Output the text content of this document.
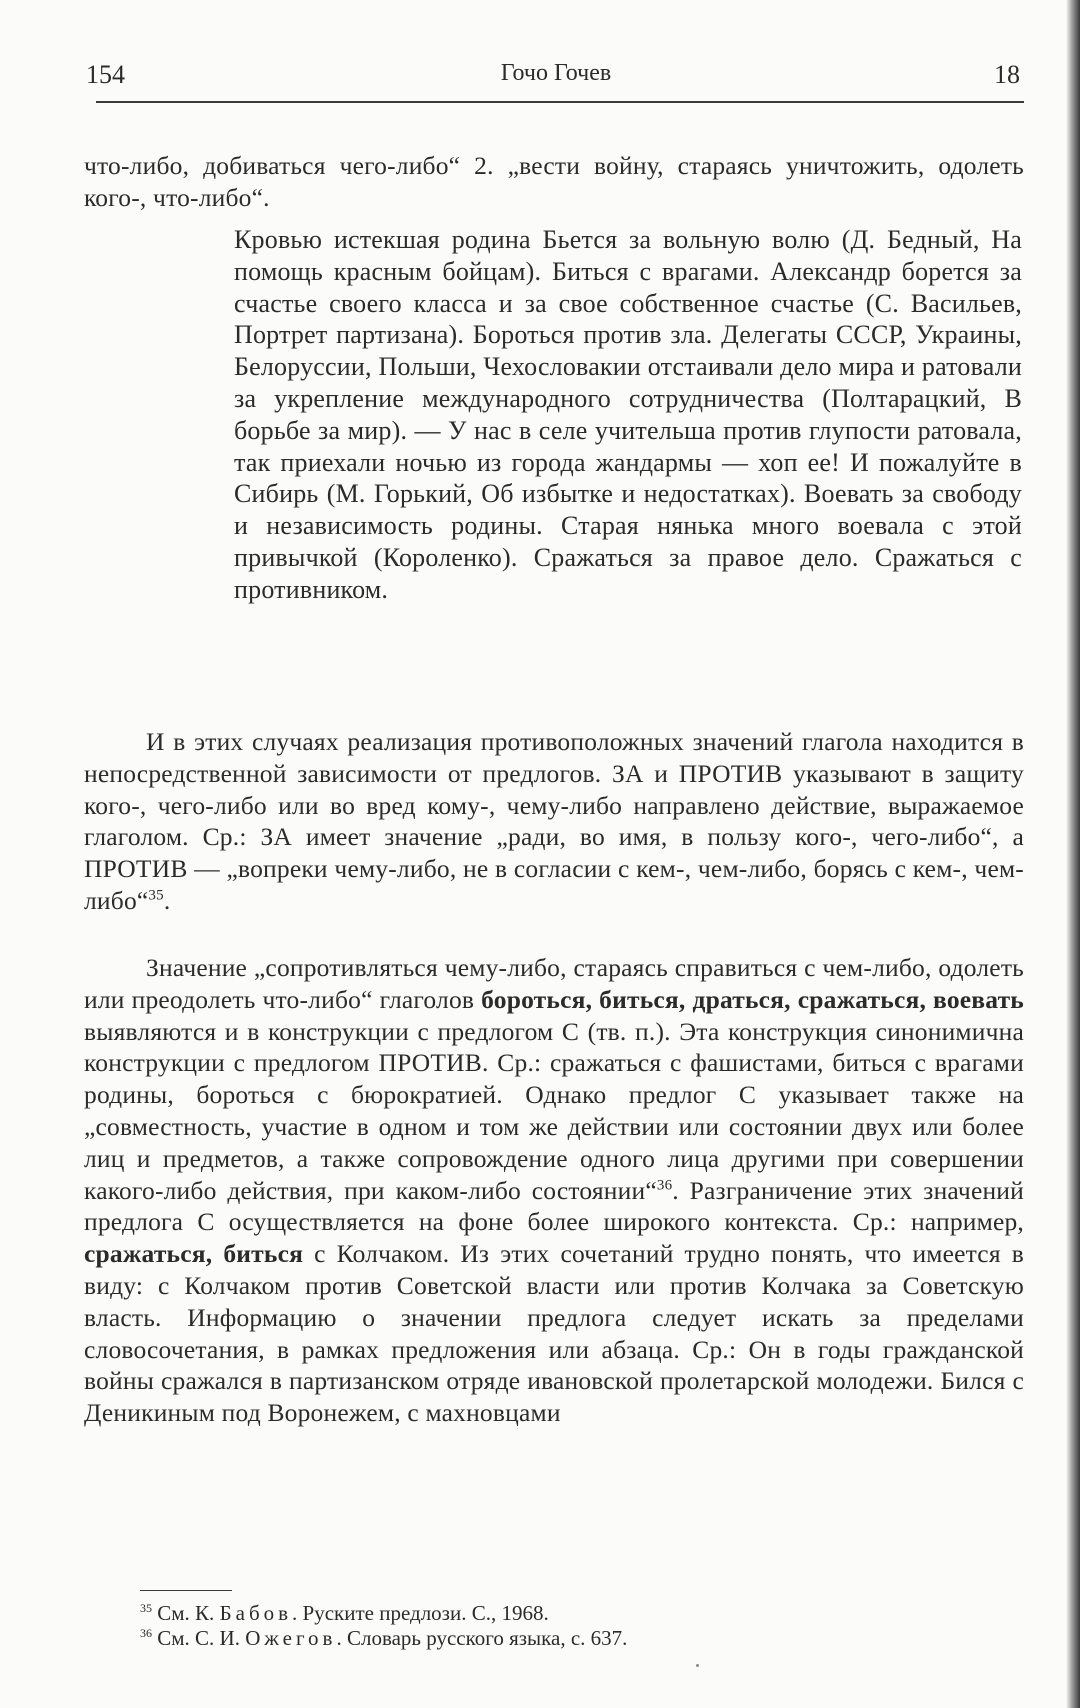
154	Гочо Гочев	18
что-либо, добиваться чего-либо“ 2. „вести войну, стараясь уничтожить, одолеть кого-, что-либо“.
Кровью истекшая родина Бьется за вольную волю (Д. Бедный, На помощь красным бойцам). Биться с врагами. Александр борется за счастье своего класса и за свое собственное счастье (С. Васильев, Портрет партизана). Бороться против зла. Делегаты СССР, Украины, Белоруссии, Польши, Чехословакии отстаивали дело мира и ратовали за укрепление международного сотрудничества (Полтарацкий, В борьбе за мир). — У нас в селе учительша против глупости ратовала, так приехали ночью из города жандармы — хоп ее! И пожалуйте в Сибирь (М. Горький, Об избытке и недостатках). Воевать за свободу и независимость родины. Старая нянька много воевала с этой привычкой (Короленко). Сражаться за правое дело. Сражаться с противником.
И в этих случаях реализация противоположных значений глагола находится в непосредственной зависимости от предлогов. ЗА и ПРОТИВ указывают в защиту кого-, чего-либо или во вред кому-, чему-либо направлено действие, выражаемое глаголом. Ср.: ЗА имеет значение „ради, во имя, в пользу кого-, чего-либо“, а ПРОТИВ — „вопреки чему-либо, не в согласии с кем-, чем-либо, борясь с кем-, чем-либо“$^{35}$.
Значение „сопротивляться чему-либо, стараясь справиться с чем-либо, одолеть или преодолеть что-либо“ глаголов бороться, биться, драться, сражаться, воевать выявляются и в конструкции с предлогом С (тв. п.). Эта конструкция синонимична конструкции с предлогом ПРОТИВ. Ср.: сражаться с фашистами, биться с врагами родины, бороться с бюрократией. Однако предлог С указывает также на „совместность, участие в одном и том же действии или состоянии двух или более лиц и предметов, а также сопровождение одного лица другими при совершении какого-либо действия, при каком-либо состоянии“$^{36}$. Разграничение этих значений предлога С осуществляется на фоне более широкого контекста. Ср.: например, сражаться, биться с Колчаком. Из этих сочетаний трудно понять, что имеется в виду: с Колчаком против Советской власти или против Колчака за Советскую власть. Информацию о значении предлога следует искать за пределами словосочетания, в рамках предложения или абзаца. Ср.: Он в годы гражданской войны сражался в партизанском отряде ивановской пролетарской молодежи. Бился с Деникиным под Воронежем, с махновцами
$^{35}$ См. К. Бабов. Руските предлози. С., 1968.
$^{36}$ См. С. И. Ожегов. Словарь русского языка, с. 637.
